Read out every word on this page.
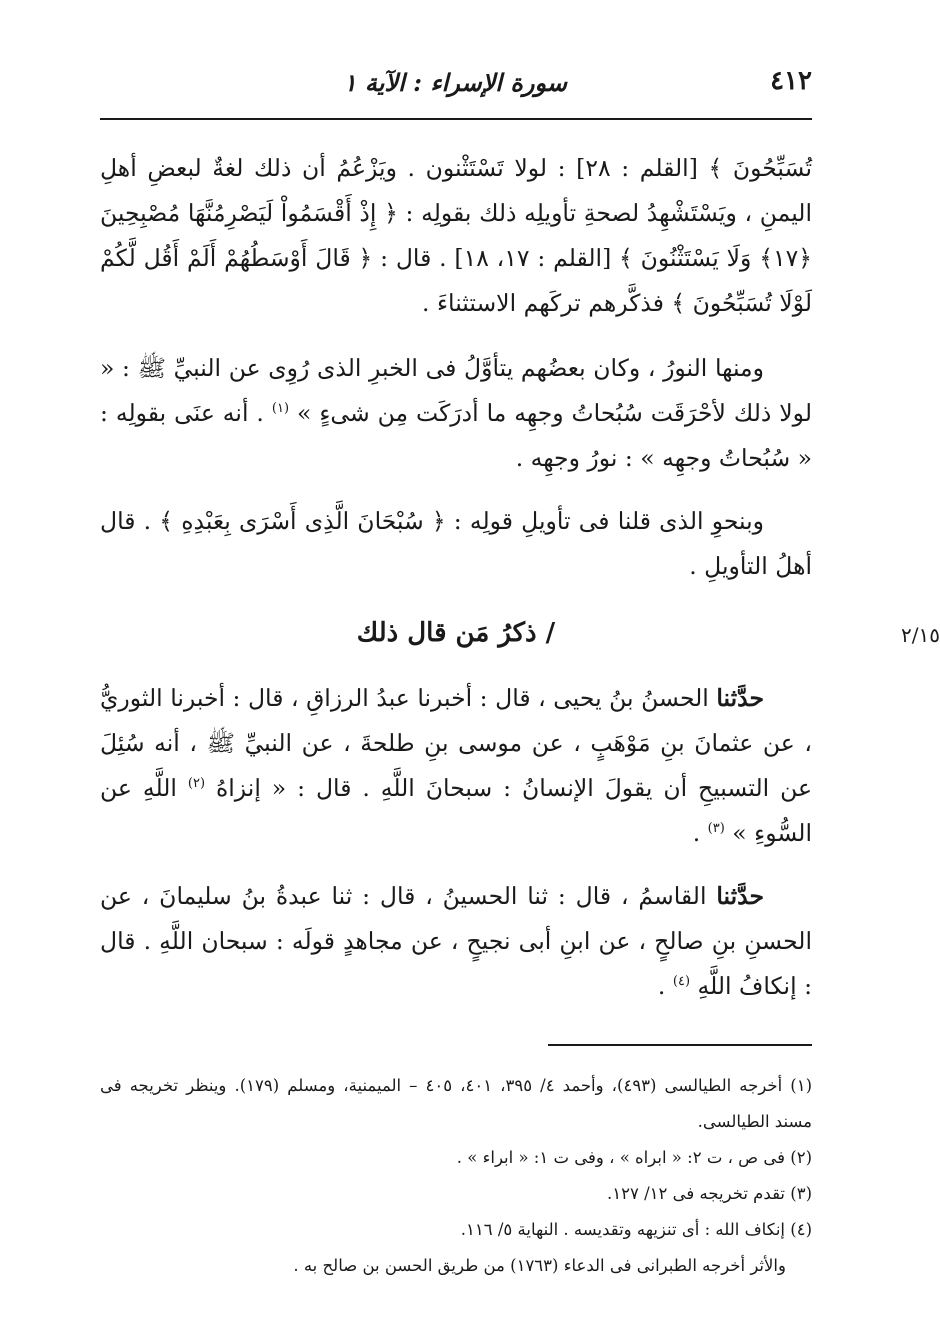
٤١٢
سورة الإسراء : الآية ١

تُسَبِّحُونَ ﴾ [القلم : ٢٨] : لولا تَسْتَثْنون . ويَزْعُمُ أن ذلك لغةٌ لبعضِ أهلِ اليمنِ ، ويَسْتَشْهِدُ لصحةِ تأويلِه ذلك بقولِه : ﴿ إِذْ أَقْسَمُواْ لَيَصْرِمُنَّهَا مُصْبِحِينَ ﴿١٧﴾ وَلَا يَسْتَثْنُونَ ﴾ [القلم : ١٧، ١٨] . قال : ﴿ قَالَ أَوْسَطُهُمْ أَلَمْ أَقُل لَّكُمْ لَوْلَا تُسَبِّحُونَ ﴾ فذكَّرهم تركَهم الاستثناءَ .

ومنها النورُ ، وكان بعضُهم يتأوَّلُ فى الخبرِ الذى رُوِى عن النبيِّ ﷺ : « لولا ذلك لأحْرَقَت سُبُحاتُ وجهِه ما أدرَكَت مِن شىءٍ » $^{(١)}$ . أنه عنَى بقولِه : « سُبُحاتُ وجهِه » : نورُ وجهِه .

وبنحوِ الذى قلنا فى تأويلِ قولِه : ﴿ سُبْحَانَ الَّذِى أَسْرَى بِعَبْدِهِ ﴾ . قال أهلُ التأويلِ .

/ ذكرُ مَن قال ذلك	٢/١٥

حدَّثنا الحسنُ بنُ يحيى ، قال : أخبرنا عبدُ الرزاقِ ، قال : أخبرنا الثوريُّ ، عن عثمانَ بنِ مَوْهَبٍ ، عن موسى بنِ طلحةَ ، عن النبيِّ ﷺ ، أنه سُئِلَ عن التسبيحِ أن يقولَ الإنسانُ : سبحانَ اللَّهِ . قال : « إنزاهُ $^{(٢)}$ اللَّهِ عن السُّوءِ » $^{(٣)}$ .

حدَّثنا القاسمُ ، قال : ثنا الحسينُ ، قال : ثنا عبدةُ بنُ سليمانَ ، عن الحسنِ بنِ صالحٍ ، عن ابنِ أبى نجيحٍ ، عن مجاهدٍ قولَه : سبحان اللَّهِ . قال : إنكافُ اللَّهِ $^{(٤)}$ .

(١) أخرجه الطيالسى (٤٩٣)، وأحمد ٤/ ٣٩٥، ٤٠١، ٤٠٥ – الميمنية، ومسلم (١٧٩). وينظر تخريجه فى مسند الطيالسى.

(٢) فى ص ، ت ٢: « ابراه » ، وفى ت ١: « ابراء » .

(٣) تقدم تخريجه فى ١٢/ ١٢٧.

(٤) إنكاف الله : أى تنزيهه وتقديسه . النهاية ٥/ ١١٦.

والأثر أخرجه الطبرانى فى الدعاء (١٧٦٣) من طريق الحسن بن صالح به .
